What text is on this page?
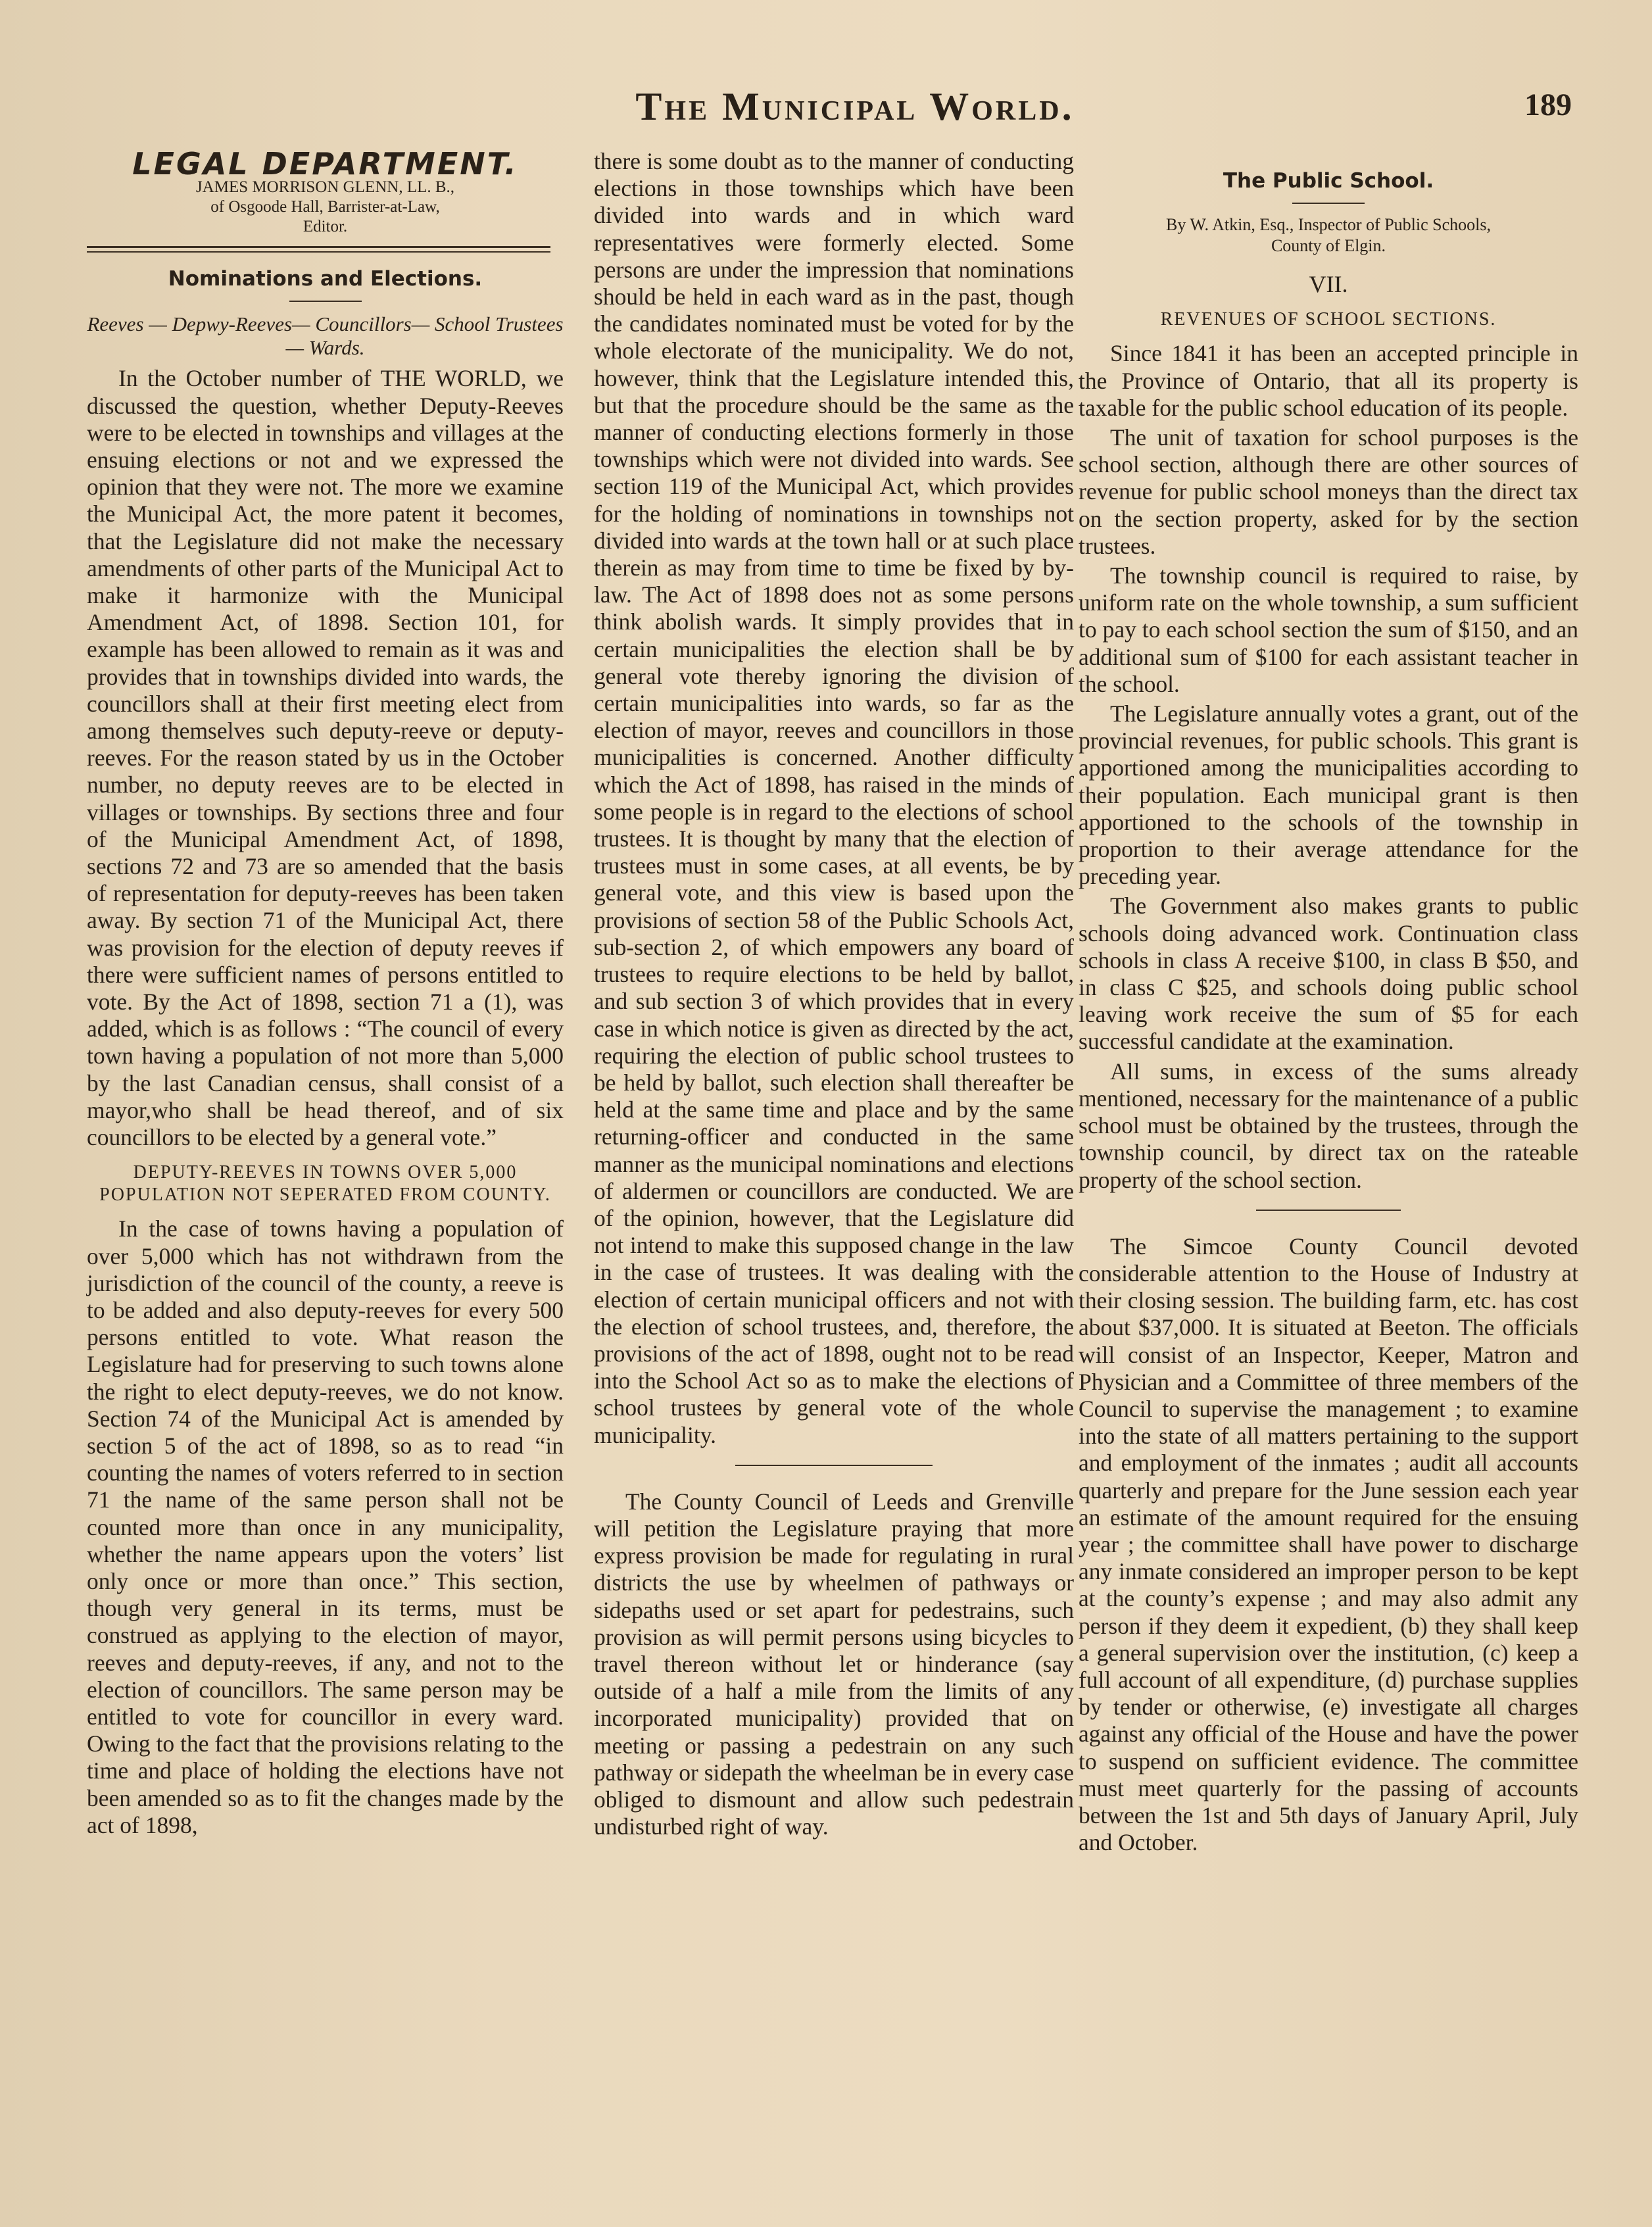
The Municipal World.	189
LEGAL DEPARTMENT.
JAMES MORRISON GLENN, LL. B.,
of Osgoode Hall, Barrister-at-Law,
Editor.
Nominations and Elections.
Reeves — Depwy-Reeves— Councillors— School Trustees— Wards.

In the October number of THE WORLD, we discussed the question, whether Deputy-Reeves were to be elected in townships and villages at the ensuing elections or not and we expressed the opinion that they were not. The more we examine the Municipal Act, the more patent it becomes, that the Legislature did not make the necessary amendments of other parts of the Municipal Act to make it harmonize with the Municipal Amendment Act, of 1898. Section 101, for example has been allowed to remain as it was and provides that in townships divided into wards, the councillors shall at their first meeting elect from among themselves such deputy-reeve or deputy-reeves. For the reason stated by us in the October number, no deputy reeves are to be elected in villages or townships. By sections three and four of the Municipal Amendment Act, of 1898, sections 72 and 73 are so amended that the basis of representation for deputy-reeves has been taken away. By section 71 of the Municipal Act, there was provision for the election of deputy reeves if there were sufficient names of persons entitled to vote. By the Act of 1898, section 71 a (1), was added, which is as follows : “The council of every town having a population of not more than 5,000 by the last Canadian census, shall consist of a mayor,who shall be head thereof, and of six councillors to be elected by a general vote.”

DEPUTY-REEVES IN TOWNS OVER 5,000 POPULATION NOT SEPERATED FROM COUNTY.

In the case of towns having a population of over 5,000 which has not withdrawn from the jurisdiction of the council of the county, a reeve is to be added and also deputy-reeves for every 500 persons entitled to vote. What reason the Legislature had for preserving to such towns alone the right to elect deputy-reeves, we do not know. Section 74 of the Municipal Act is amended by section 5 of the act of 1898, so as to read “in counting the names of voters referred to in section 71 the name of the same person shall not be counted more than once in any municipality, whether the name appears upon the voters’ list only once or more than once.” This section, though very general in its terms, must be construed as applying to the election of mayor, reeves and deputy-reeves, if any, and not to the election of councillors. The same person may be entitled to vote for councillor in every ward. Owing to the fact that the provisions relating to the time and place of holding the elections have not been amended so as to fit the changes made by the act of 1898,

there is some doubt as to the manner of conducting elections in those townships which have been divided into wards and in which ward representatives were formerly elected. Some persons are under the impression that nominations should be held in each ward as in the past, though the candidates nominated must be voted for by the whole electorate of the municipality. We do not, however, think that the Legislature intended this, but that the procedure should be the same as the manner of conducting elections formerly in those townships which were not divided into wards. See section 119 of the Municipal Act, which provides for the holding of nominations in townships not divided into wards at the town hall or at such place therein as may from time to time be fixed by by-law. The Act of 1898 does not as some persons think abolish wards. It simply provides that in certain municipalities the election shall be by general vote thereby ignoring the division of certain municipalities into wards, so far as the election of mayor, reeves and councillors in those municipalities is concerned. Another difficulty which the Act of 1898, has raised in the minds of some people is in regard to the elections of school trustees. It is thought by many that the election of trustees must in some cases, at all events, be by general vote, and this view is based upon the provisions of section 58 of the Public Schools Act, sub-section 2, of which empowers any board of trustees to require elections to be held by ballot, and sub section 3 of which provides that in every case in which notice is given as directed by the act, requiring the election of public school trustees to be held by ballot, such election shall thereafter be held at the same time and place and by the same returning-officer and conducted in the same manner as the municipal nominations and elections of aldermen or councillors are conducted. We are of the opinion, however, that the Legislature did not intend to make this supposed change in the law in the case of trustees. It was dealing with the election of certain municipal officers and not with the election of school trustees, and, therefore, the provisions of the act of 1898, ought not to be read into the School Act so as to make the elections of school trustees by general vote of the whole municipality.

The County Council of Leeds and Grenville will petition the Legislature praying that more express provision be made for regulating in rural districts the use by wheelmen of pathways or sidepaths used or set apart for pedestrains, such provision as will permit persons using bicycles to travel thereon without let or hinderance (say outside of a half a mile from the limits of any incorporated municipality) provided that on meeting or passing a pedestrain on any such pathway or sidepath the wheelman be in every case obliged to dismount and allow such pedestrain undisturbed right of way.

The Public School.
By W. Atkin, Esq., Inspector of Public Schools,
County of Elgin.
VII.
REVENUES OF SCHOOL SECTIONS.

Since 1841 it has been an accepted principle in the Province of Ontario, that all its property is taxable for the public school education of its people.

The unit of taxation for school purposes is the school section, although there are other sources of revenue for public school moneys than the direct tax on the section property, asked for by the section trustees.

The township council is required to raise, by uniform rate on the whole township, a sum sufficient to pay to each school section the sum of $150, and an additional sum of $100 for each assistant teacher in the school.

The Legislature annually votes a grant, out of the provincial revenues, for public schools. This grant is apportioned among the municipalities according to their population. Each municipal grant is then apportioned to the schools of the township in proportion to their average attendance for the preceding year.

The Government also makes grants to public schools doing advanced work. Continuation class schools in class A receive $100, in class B $50, and in class C $25, and schools doing public school leaving work receive the sum of $5 for each successful candidate at the examination.

All sums, in excess of the sums already mentioned, necessary for the maintenance of a public school must be obtained by the trustees, through the township council, by direct tax on the rateable property of the school section.

The Simcoe County Council devoted considerable attention to the House of Industry at their closing session. The building farm, etc. has cost about $37,000. It is situated at Beeton. The officials will consist of an Inspector, Keeper, Matron and Physician and a Committee of three members of the Council to supervise the management ; to examine into the state of all matters pertaining to the support and employment of the inmates ; audit all accounts quarterly and prepare for the June session each year an estimate of the amount required for the ensuing year ; the committee shall have power to discharge any inmate considered an improper person to be kept at the county’s expense ; and may also admit any person if they deem it expedient, (b) they shall keep a general supervision over the institution, (c) keep a full account of all expenditure, (d) purchase supplies by tender or otherwise, (e) investigate all charges against any official of the House and have the power to suspend on sufficient evidence. The committee must meet quarterly for the passing of accounts between the 1st and 5th days of January April, July and October.
